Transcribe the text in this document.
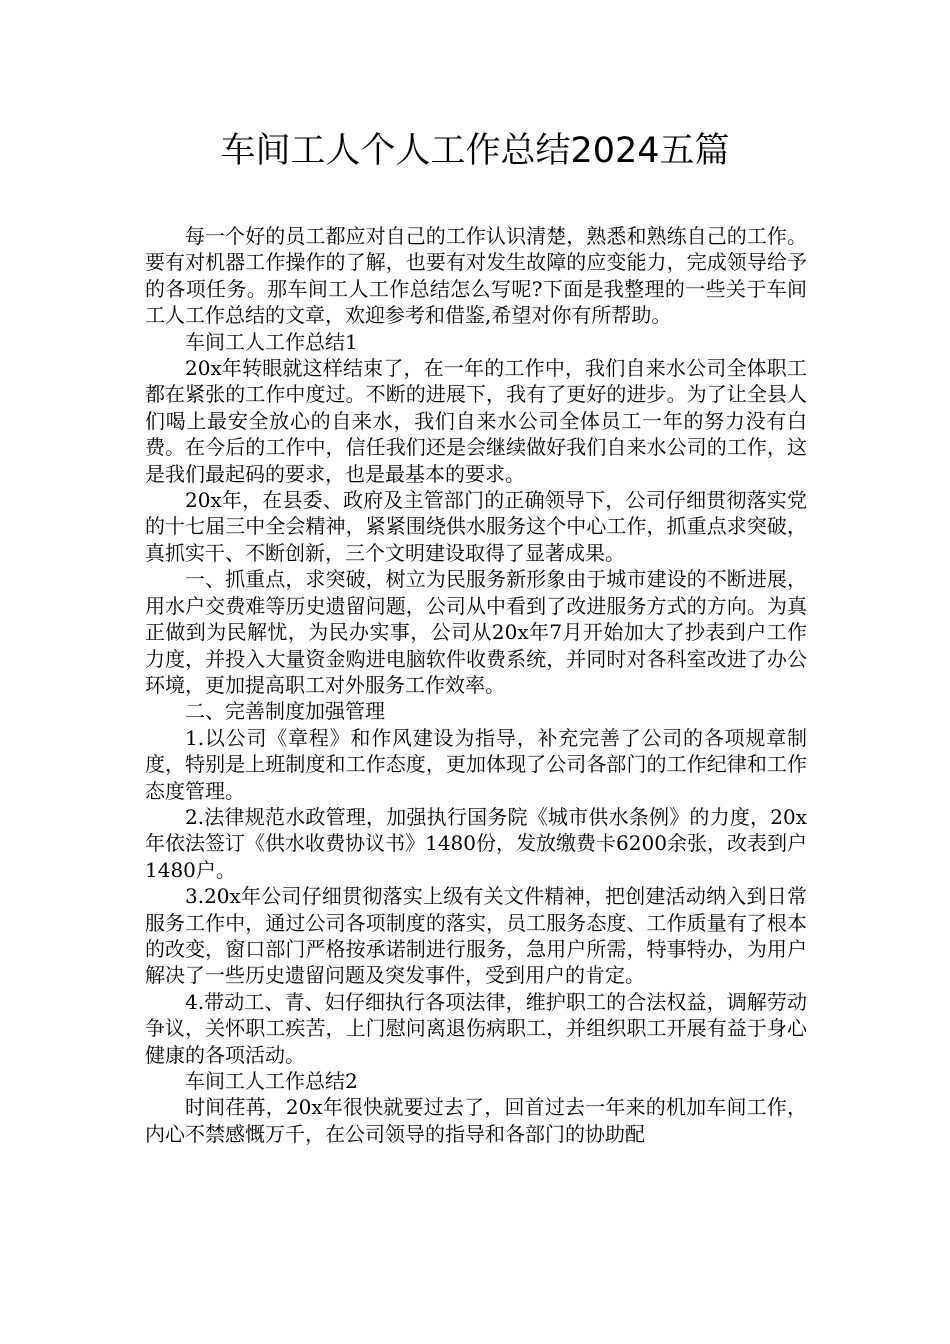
车间工人个人工作总结2024五篇

每一个好的员工都应对自己的工作认识清楚，熟悉和熟练自己的工作。要有对机器工作操作的了解，也要有对发生故障的应变能力，完成领导给予的各项任务。那车间工人工作总结怎么写呢?下面是我整理的一些关于车间工人工作总结的文章，欢迎参考和借鉴,希望对你有所帮助。

车间工人工作总结1

20x年转眼就这样结束了，在一年的工作中，我们自来水公司全体职工都在紧张的工作中度过。不断的进展下，我有了更好的进步。为了让全县人们喝上最安全放心的自来水，我们自来水公司全体员工一年的努力没有白费。在今后的工作中，信任我们还是会继续做好我们自来水公司的工作，这是我们最起码的要求，也是最基本的要求。

20x年，在县委、政府及主管部门的正确领导下，公司仔细贯彻落实党的十七届三中全会精神，紧紧围绕供水服务这个中心工作，抓重点求突破，真抓实干、不断创新，三个文明建设取得了显著成果。

一、抓重点，求突破，树立为民服务新形象由于城市建设的不断进展，用水户交费难等历史遗留问题，公司从中看到了改进服务方式的方向。为真正做到为民解忧，为民办实事，公司从20x年7月开始加大了抄表到户工作力度，并投入大量资金购进电脑软件收费系统，并同时对各科室改进了办公环境，更加提高职工对外服务工作效率。

二、完善制度加强管理

1.以公司《章程》和作风建设为指导，补充完善了公司的各项规章制度，特别是上班制度和工作态度，更加体现了公司各部门的工作纪律和工作态度管理。

2.法律规范水政管理，加强执行国务院《城市供水条例》的力度，20x年依法签订《供水收费协议书》1480份，发放缴费卡6200余张，改表到户1480户。

3.20x年公司仔细贯彻落实上级有关文件精神，把创建活动纳入到日常服务工作中，通过公司各项制度的落实，员工服务态度、工作质量有了根本的改变，窗口部门严格按承诺制进行服务，急用户所需，特事特办，为用户解决了一些历史遗留问题及突发事件，受到用户的肯定。

4.带动工、青、妇仔细执行各项法律，维护职工的合法权益，调解劳动争议，关怀职工疾苦，上门慰问离退伤病职工，并组织职工开展有益于身心健康的各项活动。

车间工人工作总结2

时间荏苒，20x年很快就要过去了，回首过去一年来的机加车间工作，内心不禁感慨万千，在公司领导的指导和各部门的协助配
